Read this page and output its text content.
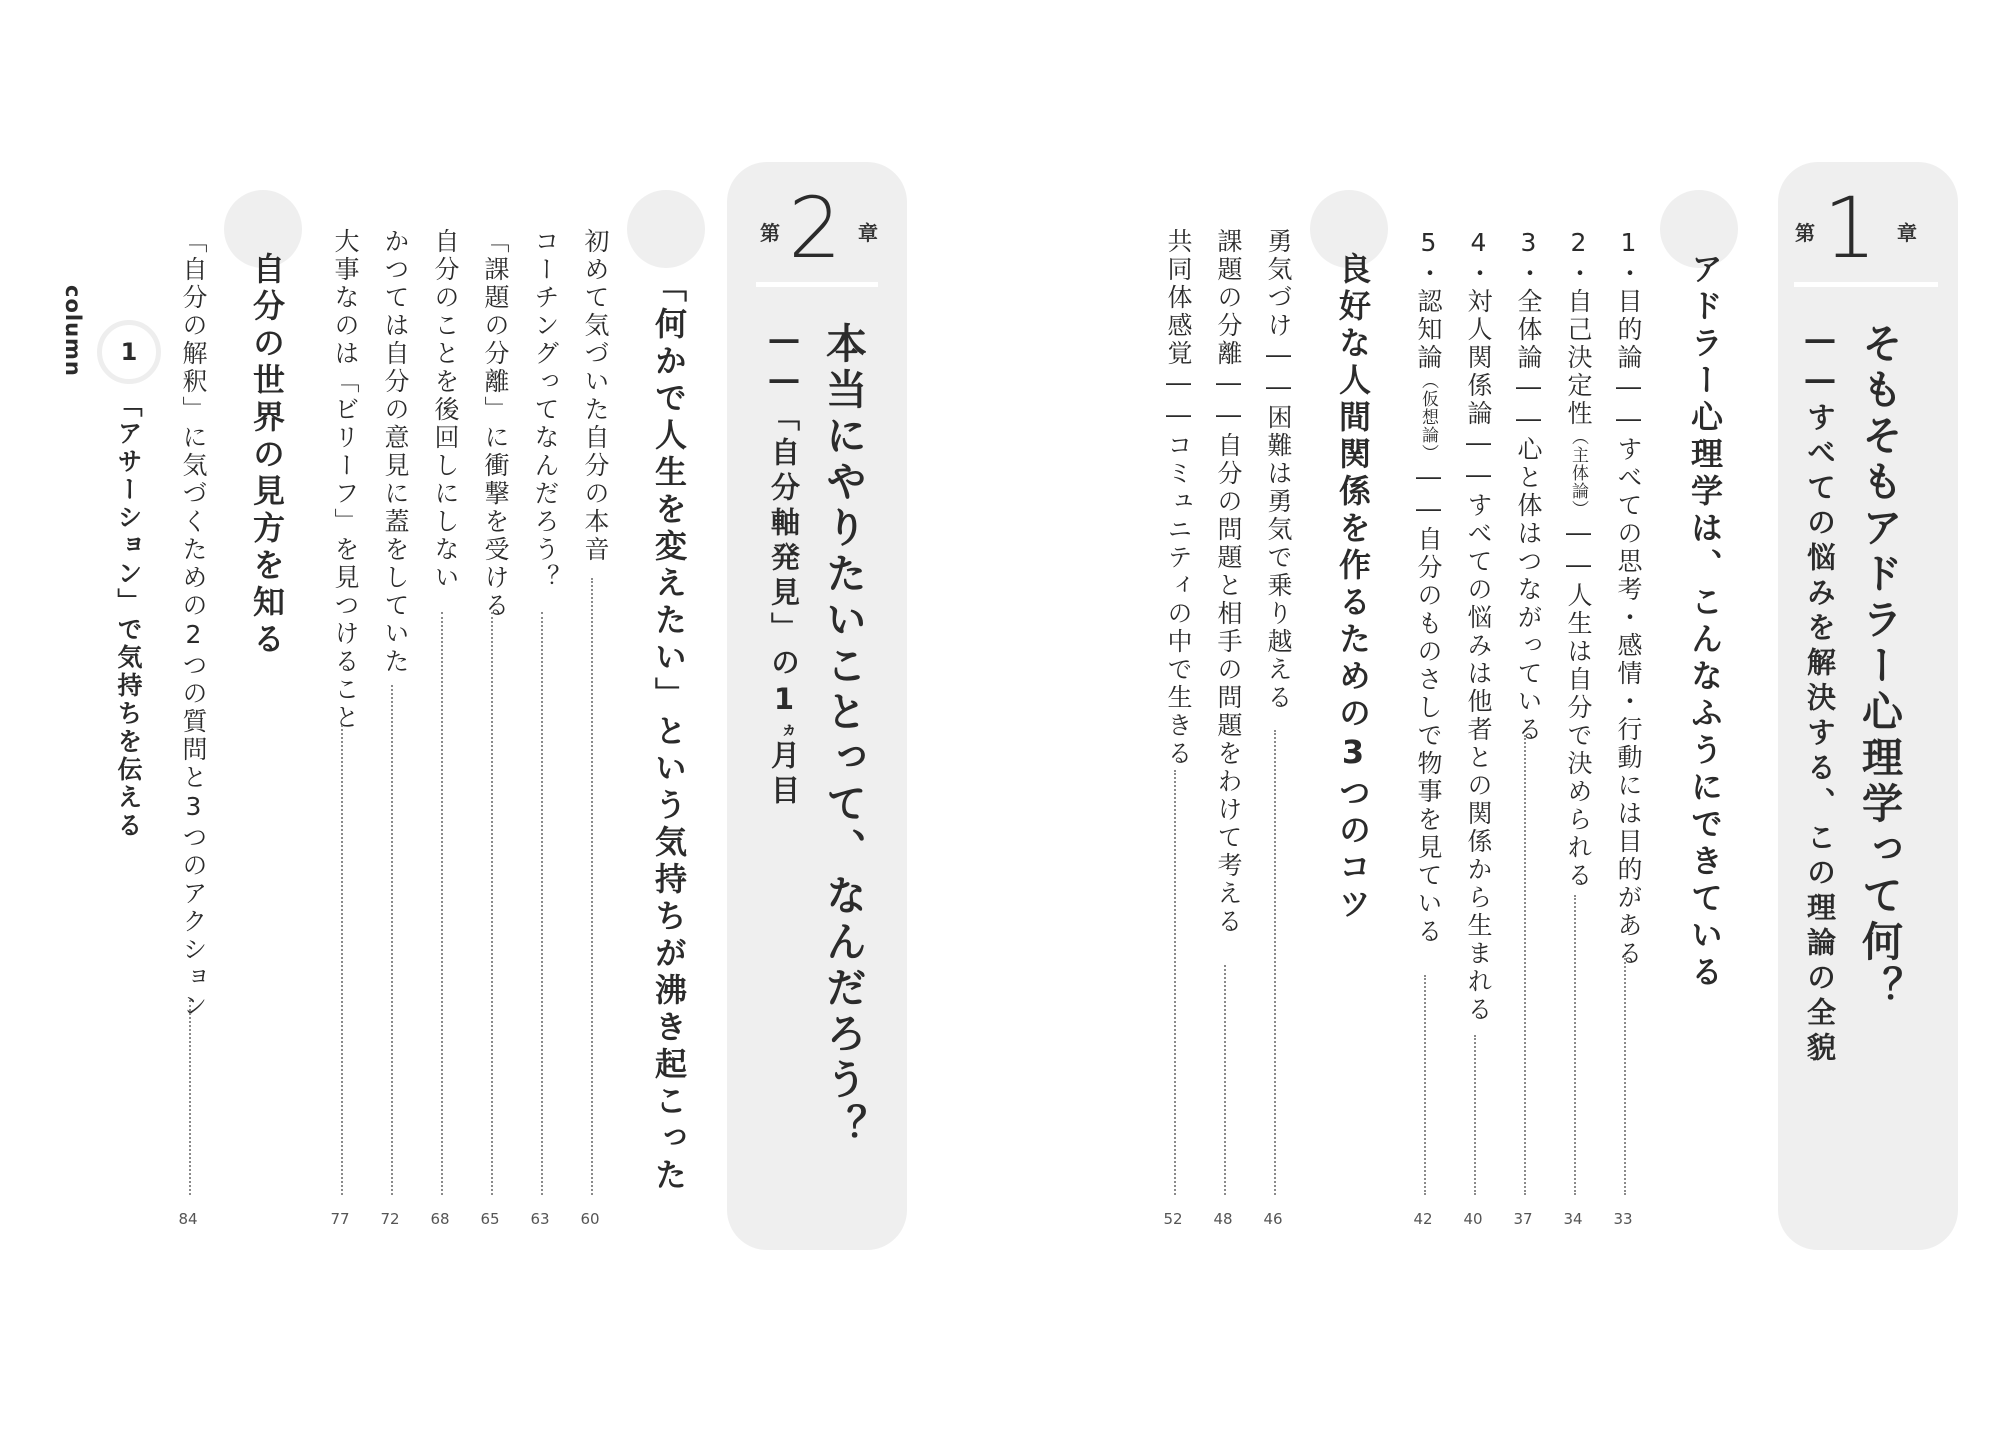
第 1	章
そもそもアドラー心理学って何？
――すべての悩みを解決する、この理論の全貌
アドラー心理学は、こんなふうにできている
1・目的論――すべての思考・感情・行動には目的がある
33
2・自己決定性（主体論）――人生は自分で決められる
34
3・全体論――心と体はつながっている
37
4・対人関係論――すべての悩みは他者との関係から生まれる
40
5・認知論（仮想論）――自分のものさしで物事を見ている
42
良好な人間関係を作るための3つのコツ
勇気づけ――困難は勇気で乗り越える
46
課題の分離――自分の問題と相手の問題をわけて考える
48
共同体感覚――コミュニティの中で生きる
52
第 2 章
本当にやりたいことって、なんだろう？
――「自分軸発見」の1ヵ月目
「何かで人生を変えたい」という気持ちが沸き起こった
初めて気づいた自分の本音
60
コーチングってなんだろう？
63
「課題の分離」に衝撃を受ける
65
自分のことを後回しにしない
68
かつては自分の意見に蓋をしていた
72
大事なのは「ビリーフ」を見つけること
77
自分の世界の見方を知る
「自分の解釈」に気づくための2つの質問と3つのアクション
84
column	1
「アサーション」で気持ちを伝える
